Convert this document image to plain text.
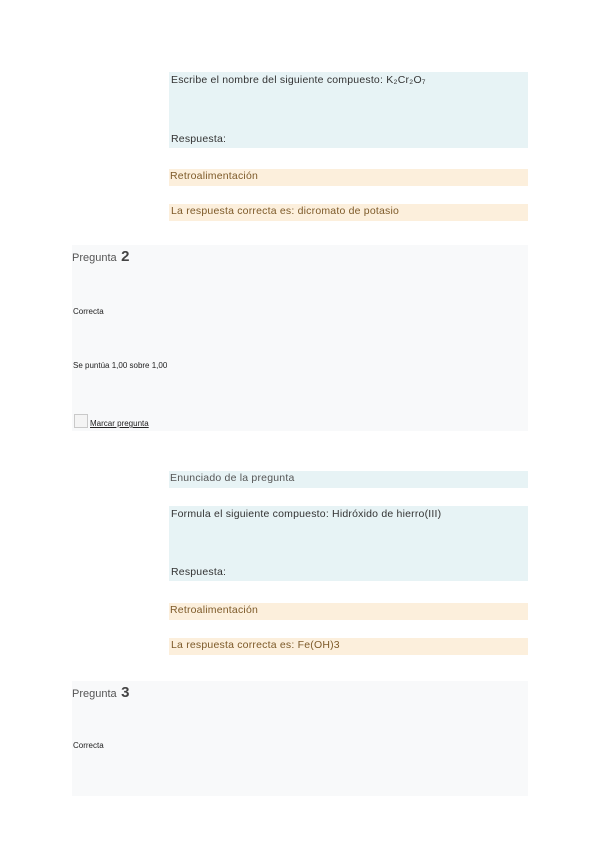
Escribe el nombre del siguiente compuesto: K₂Cr₂O₇
Respuesta:
Retroalimentación
La respuesta correcta es: dicromato de potasio
Pregunta 2
Correcta
Se puntúa 1,00 sobre 1,00
Marcar pregunta
Enunciado de la pregunta
Formula el siguiente compuesto: Hidróxido de hierro(III)
Respuesta:
Retroalimentación
La respuesta correcta es: Fe(OH)3
Pregunta 3
Correcta
